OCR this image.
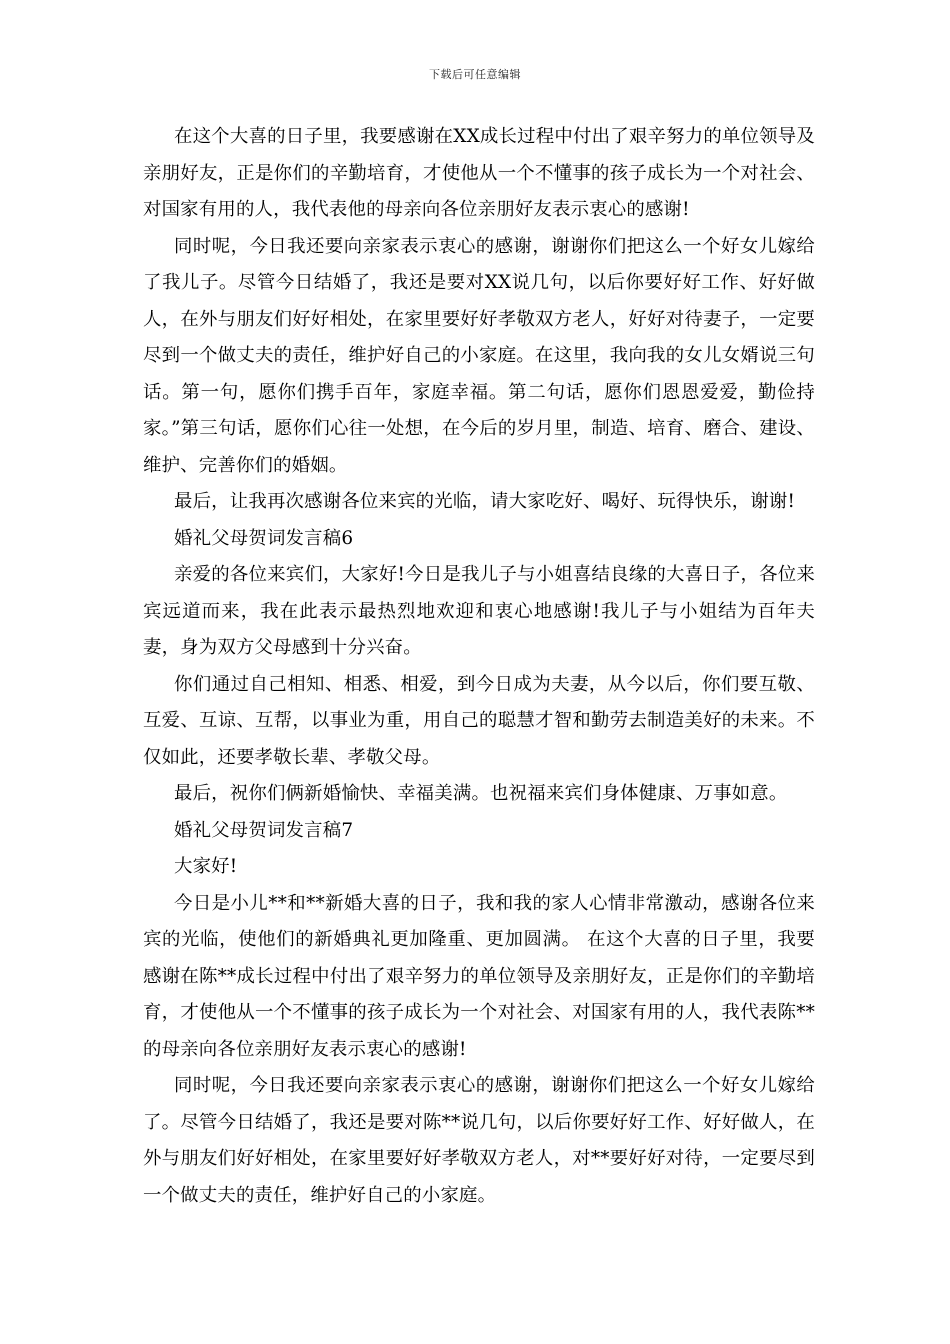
下载后可任意编辑

在这个大喜的日子里，我要感谢在XX成长过程中付出了艰辛努力的单位领导及亲朋好友，正是你们的辛勤培育，才使他从一个不懂事的孩子成长为一个对社会、对国家有用的人，我代表他的母亲向各位亲朋好友表示衷心的感谢!

同时呢，今日我还要向亲家表示衷心的感谢，谢谢你们把这么一个好女儿嫁给了我儿子。尽管今日结婚了，我还是要对XX说几句，以后你要好好工作、好好做人，在外与朋友们好好相处，在家里要好好孝敬双方老人，好好对待妻子，一定要尽到一个做丈夫的责任，维护好自己的小家庭。在这里，我向我的女儿女婿说三句话。第一句，愿你们携手百年，家庭幸福。第二句话，愿你们恩恩爱爱，勤俭持家。”第三句话，愿你们心往一处想，在今后的岁月里，制造、培育、磨合、建设、维护、完善你们的婚姻。

最后，让我再次感谢各位来宾的光临，请大家吃好、喝好、玩得快乐，谢谢!

婚礼父母贺词发言稿6

亲爱的各位来宾们，大家好!今日是我儿子与小姐喜结良缘的大喜日子，各位来宾远道而来，我在此表示最热烈地欢迎和衷心地感谢!我儿子与小姐结为百年夫妻，身为双方父母感到十分兴奋。

你们通过自己相知、相悉、相爱，到今日成为夫妻，从今以后，你们要互敬、互爱、互谅、互帮，以事业为重，用自己的聪慧才智和勤劳去制造美好的未来。不仅如此，还要孝敬长辈、孝敬父母。

最后，祝你们俩新婚愉快、幸福美满。也祝福来宾们身体健康、万事如意。

婚礼父母贺词发言稿7

大家好!

今日是小儿**和**新婚大喜的日子，我和我的家人心情非常激动，感谢各位来宾的光临，使他们的新婚典礼更加隆重、更加圆满。 在这个大喜的日子里，我要感谢在陈**成长过程中付出了艰辛努力的单位领导及亲朋好友，正是你们的辛勤培育，才使他从一个不懂事的孩子成长为一个对社会、对国家有用的人，我代表陈**的母亲向各位亲朋好友表示衷心的感谢!

同时呢，今日我还要向亲家表示衷心的感谢，谢谢你们把这么一个好女儿嫁给了。尽管今日结婚了，我还是要对陈**说几句，以后你要好好工作、好好做人，在外与朋友们好好相处，在家里要好好孝敬双方老人，对**要好好对待，一定要尽到一个做丈夫的责任，维护好自己的小家庭。
